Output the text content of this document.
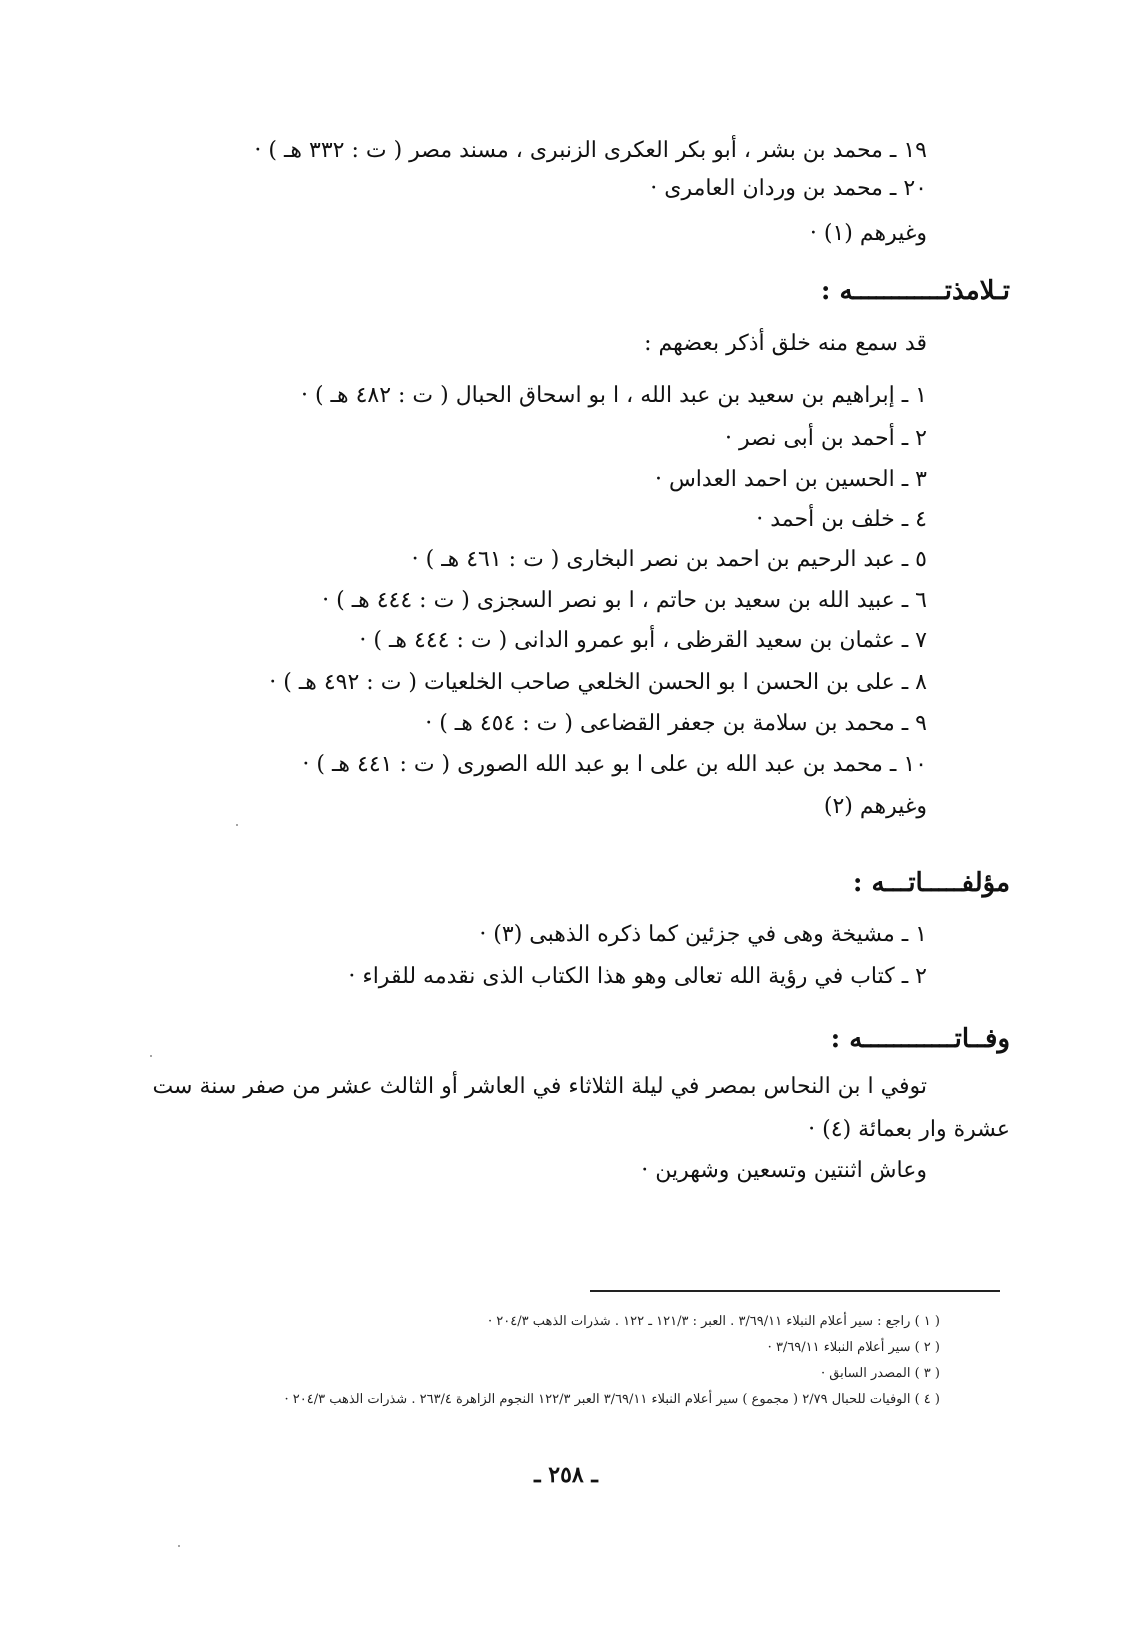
١٩ ـ محمد بن بشر ، أبو بكر العكرى الزنبرى ، مسند مصر ( ت : ٣٣٢ هـ ) ·
٢٠ ـ محمد بن وردان العامرى ·
وغيرهم (١) ·
تـلامذتــــــــــــه :
قد سمع منه خلق أذكر بعضهم :
١ ـ إبراهيم بن سعيد بن عبد الله ، ا بو اسحاق الحبال ( ت : ٤٨٢ هـ ) ·
٢ ـ أحمد بن أبى نصر ·
٣ ـ الحسين بن احمد العداس ·
٤ ـ خلف بن أحمد ·
٥ ـ عبد الرحيم بن احمد بن نصر البخارى ( ت : ٤٦١ هـ ) ·
٦ ـ عبيد الله بن سعيد بن حاتم ، ا بو نصر السجزى ( ت : ٤٤٤ هـ ) ·
٧ ـ عثمان بن سعيد القرظى ، أبو عمرو الدانى ( ت : ٤٤٤ هـ ) ·
٨ ـ على بن الحسن ا بو الحسن الخلعي صاحب الخلعيات ( ت : ٤٩٢ هـ ) ·
٩ ـ محمد بن سلامة بن جعفر القضاعى ( ت : ٤٥٤ هـ ) ·
١٠ ـ محمد بن عبد الله بن على ا بو عبد الله الصورى ( ت : ٤٤١ هـ ) ·
وغيرهم (٢)
مؤلفـــــاتـــه :
١ ـ مشيخة وهى في جزئين كما ذكره الذهبى (٣) ·
٢ ـ كتاب في رؤية الله تعالى وهو هذا الكتاب الذى نقدمه للقراء ·
وفــاتــــــــــــه :
توفي ا بن النحاس بمصر في ليلة الثلاثاء في العاشر أو الثالث عشر من صفر سنة ست
عشرة وار بعمائة (٤) ·
وعاش اثنتين وتسعين وشهرين ·
( ١ ) راجع : سير أعلام النبلاء ٣/٦٩/١١ . العبر : ١٢١/٣ ـ ١٢٢ . شذرات الذهب ٢٠٤/٣ ·
( ٢ ) سير أعلام النبلاء ٣/٦٩/١١ ·
( ٣ ) المصدر السابق ·
( ٤ ) الوفيات للحبال ٢/٧٩ ( مجموع ) سير أعلام النبلاء ٣/٦٩/١١ العبر ١٢٢/٣ النجوم الزاهرة ٢٦٣/٤ . شذرات الذهب ٢٠٤/٣ ·
ـ ٢٥٨ ـ
